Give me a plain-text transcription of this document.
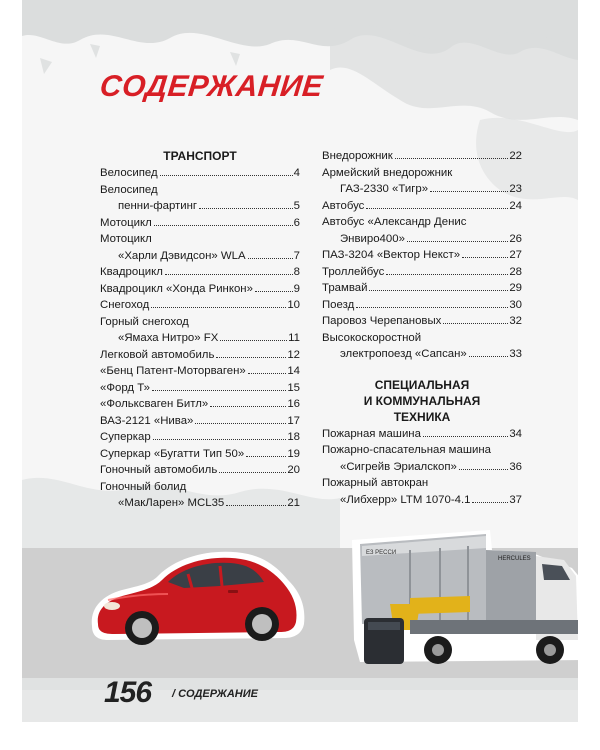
СОДЕРЖАНИЕ
ТРАНСПОРТ
Велосипед	4
Велосипед
пенни-фартинг	5
Мотоцикл	6
Мотоцикл
«Харли Дэвидсон» WLA	7
Квадроцикл	8
Квадроцикл «Хонда Ринкон»	9
Снегоход	10
Горный снегоход
«Ямаха Нитро» FX	11
Легковой автомобиль	12
«Бенц Патент-Моторваген»	14
«Форд Т»	15
«Фольксваген Битл»	16
ВАЗ-2121 «Нива»	17
Суперкар	18
Суперкар «Бугатти Тип 50»	19
Гоночный автомобиль	20
Гоночный болид
«МакЛарен» MCL35	21
Внедорожник	22
Армейский внедорожник
ГАЗ-2330 «Тигр»	23
Автобус	24
Автобус «Александр Денис
Энвиро400»	26
ПАЗ-3204 «Вектор Некст»	27
Троллейбус	28
Трамвай	29
Поезд	30
Паровоз Черепановых	32
Высокоскоростной
электропоезд «Сапсан»	33
СПЕЦИАЛЬНАЯ
И КОММУНАЛЬНАЯ
ТЕХНИКА
Пожарная машина	34
Пожарно-спасательная машина
«Сигрейв Эриалскоп»	36
Пожарный автокран
«Либхерр» LTM 1070-4.1	37
ЕЗ РЕССИ
HERCULES
156 / СОДЕРЖАНИЕ
